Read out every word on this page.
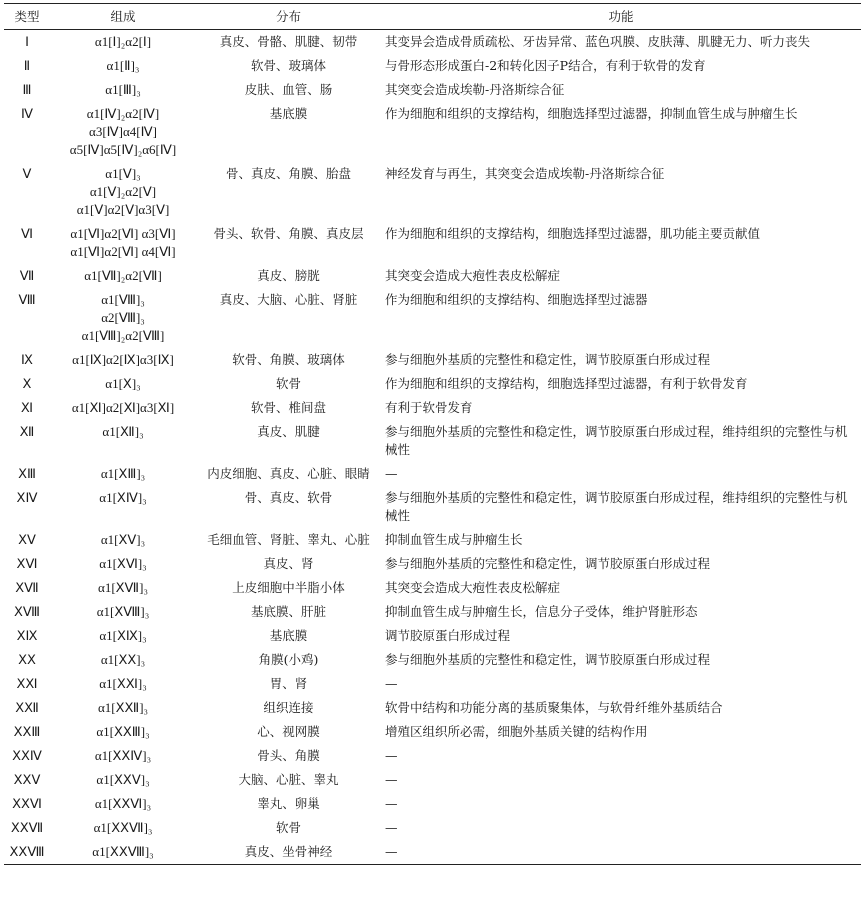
类型	组成	分布	功能
Ⅰ	α1[Ⅰ]₂α2[Ⅰ]	真皮、骨骼、肌腱、韧带	其变异会造成骨质疏松、牙齿异常、蓝色巩膜、皮肤薄、肌腱无力、听力丧失
Ⅱ	α1[Ⅱ]₃	软骨、玻璃体	与骨形态形成蛋白-2和转化因子P结合，有利于软骨的发育
Ⅲ	α1[Ⅲ]₃	皮肤、血管、肠	其突变会造成埃勒-丹洛斯综合征
Ⅳ	α1[Ⅳ]₂α2[Ⅳ]
α3[Ⅳ]α4[Ⅳ]
α5[Ⅳ]α5[Ⅳ]₂α6[Ⅳ]	基底膜	作为细胞和组织的支撑结构，细胞选择型过滤器，抑制血管生成与肿瘤生长
Ⅴ	α1[Ⅴ]₃
α1[Ⅴ]₂α2[Ⅴ]
α1[Ⅴ]α2[Ⅴ]α3[Ⅴ]	骨、真皮、角膜、胎盘	神经发育与再生，其突变会造成埃勒-丹洛斯综合征
Ⅵ	α1[Ⅵ]α2[Ⅵ] α3[Ⅵ]
α1[Ⅵ]α2[Ⅵ] α4[Ⅵ]	骨头、软骨、角膜、真皮层	作为细胞和组织的支撑结构，细胞选择型过滤器，肌功能主要贡献值
Ⅶ	α1[Ⅶ]₂α2[Ⅶ]	真皮、膀胱	其突变会造成大疱性表皮松解症
Ⅷ	α1[Ⅷ]₃
α2[Ⅷ]₃
α1[Ⅷ]₂α2[Ⅷ]	真皮、大脑、心脏、肾脏	作为细胞和组织的支撑结构、细胞选择型过滤器
Ⅸ	α1[Ⅸ]α2[Ⅸ]α3[Ⅸ]	软骨、角膜、玻璃体	参与细胞外基质的完整性和稳定性，调节胶原蛋白形成过程
Ⅹ	α1[Ⅹ]₃	软骨	作为细胞和组织的支撑结构，细胞选择型过滤器，有利于软骨发育
Ⅺ	α1[Ⅺ]α2[Ⅺ]α3[Ⅺ]	软骨、椎间盘	有利于软骨发育
Ⅻ	α1[Ⅻ]₃	真皮、肌腱	参与细胞外基质的完整性和稳定性，调节胶原蛋白形成过程，维持组织的完整性与机械性
ⅩⅢ	α1[ⅩⅢ]₃	内皮细胞、真皮、心脏、眼睛	—
ⅩⅣ	α1[ⅩⅣ]₃	骨、真皮、软骨	参与细胞外基质的完整性和稳定性，调节胶原蛋白形成过程，维持组织的完整性与机械性
ⅩⅤ	α1[ⅩⅤ]₃	毛细血管、肾脏、睾丸、心脏	抑制血管生成与肿瘤生长
ⅩⅥ	α1[ⅩⅥ]₃	真皮、肾	参与细胞外基质的完整性和稳定性，调节胶原蛋白形成过程
ⅩⅦ	α1[ⅩⅦ]₃	上皮细胞中半脂小体	其突变会造成大疱性表皮松解症
ⅩⅧ	α1[ⅩⅧ]₃	基底膜、肝脏	抑制血管生成与肿瘤生长，信息分子受体，维护肾脏形态
ⅩⅨ	α1[ⅩⅨ]₃	基底膜	调节胶原蛋白形成过程
ⅩⅩ	α1[ⅩⅩ]₃	角膜(小鸡)	参与细胞外基质的完整性和稳定性，调节胶原蛋白形成过程
ⅩⅪ	α1[ⅩⅪ]₃	胃、肾	—
ⅩⅫ	α1[ⅩⅫ]₃	组织连接	软骨中结构和功能分离的基质聚集体，与软骨纤维外基质结合
ⅩⅩⅢ	α1[ⅩⅩⅢ]₃	心、视网膜	增殖区组织所必需，细胞外基质关键的结构作用
ⅩⅩⅣ	α1[ⅩⅩⅣ]₃	骨头、角膜	—
ⅩⅩⅤ	α1[ⅩⅩⅤ]₃	大脑、心脏、睾丸	—
ⅩⅩⅥ	α1[ⅩⅩⅥ]₃	睾丸、卵巢	—
ⅩⅩⅦ	α1[ⅩⅩⅦ]₃	软骨	—
ⅩⅩⅧ	α1[ⅩⅩⅧ]₃	真皮、坐骨神经	—
